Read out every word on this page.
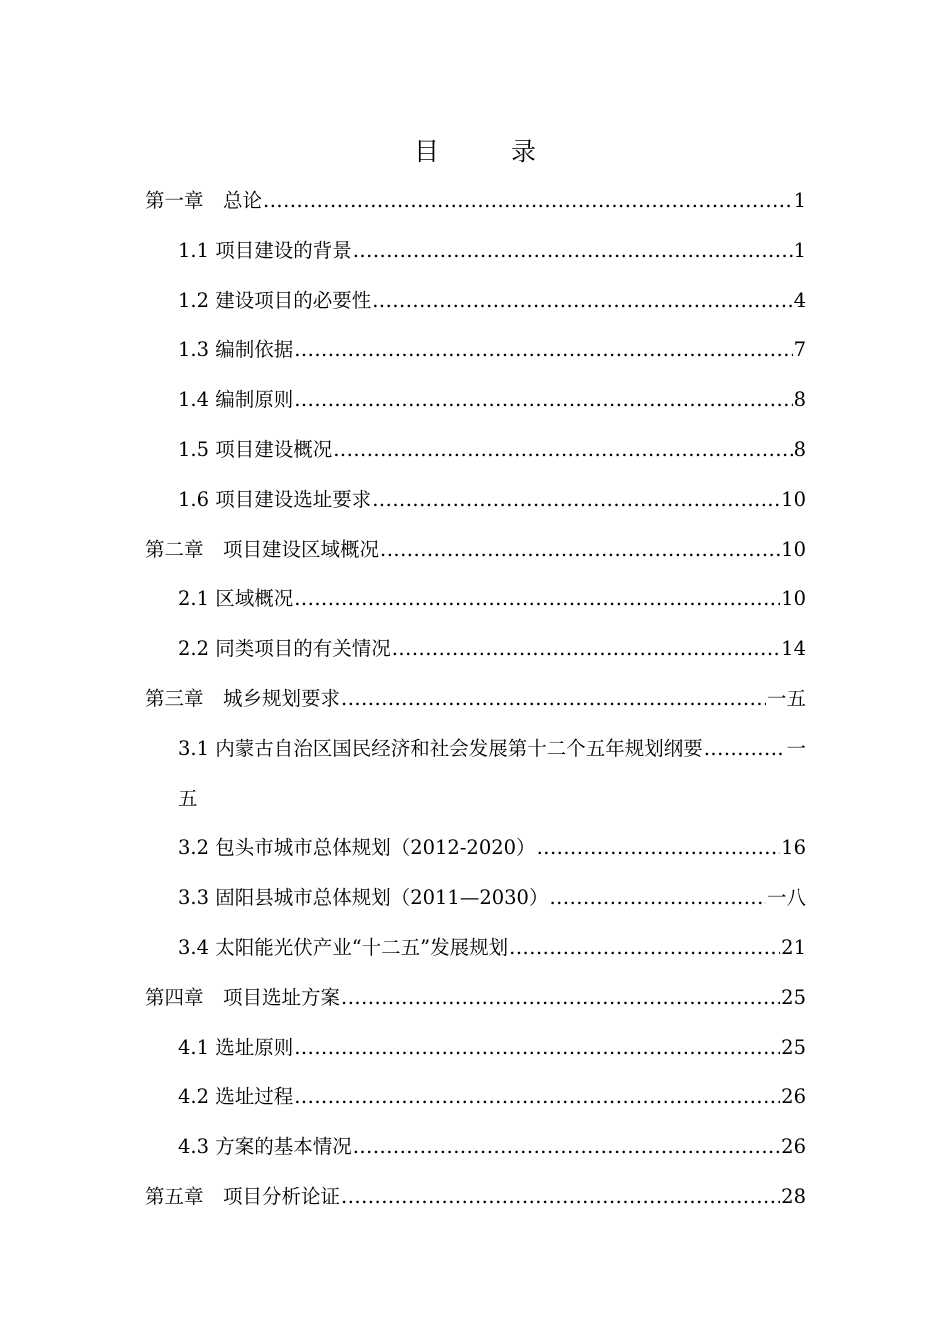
目 录
第一章　总论 .....	1
1.1 项目建设的背景 .....	1
1.2 建设项目的必要性 .....	4
1.3 编制依据 .....	7
1.4 编制原则 .....	8
1.5 项目建设概况 .....	8
1.6 项目建设选址要求 .....	10
第二章　项目建设区域概况 .....	10
2.1 区域概况 .....	10
2.2 同类项目的有关情况 .....	14
第三章　城乡规划要求 .....	一五
3.1 内蒙古自治区国民经济和社会发展第十二个五年规划纲要 .....	一
五
3.2 包头市城市总体规划（2012-2020） .....	16
3.3 固阳县城市总体规划（2011—2030） .....	一八
3.4 太阳能光伏产业“十二五”发展规划 .....	21
第四章　项目选址方案 .....	25
4.1 选址原则 .....	25
4.2 选址过程 .....	26
4.3 方案的基本情况 .....	26
第五章　项目分析论证 .....	28
